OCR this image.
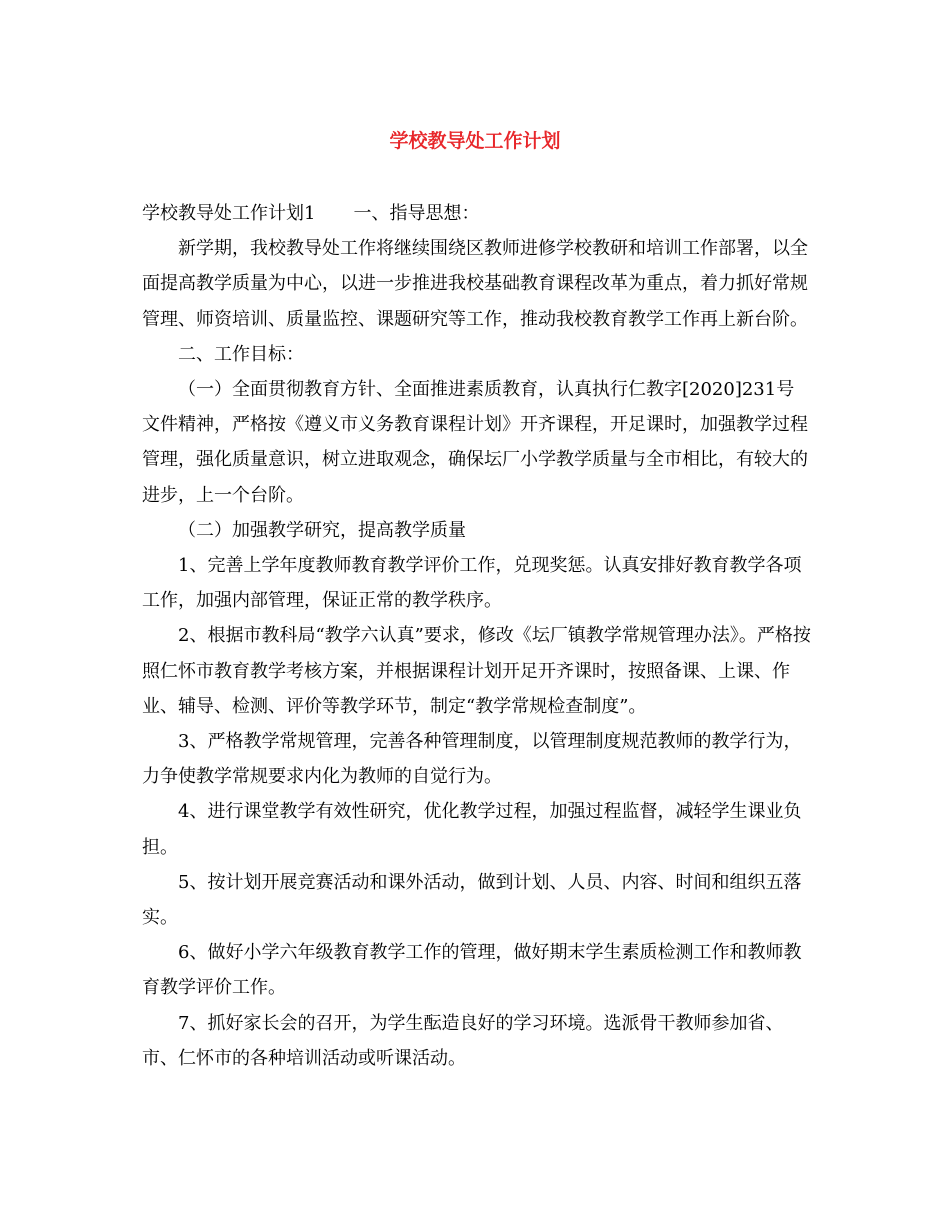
学校教导处工作计划

学校教导处工作计划1 一、指导思想：

新学期，我校教导处工作将继续围绕区教师进修学校教研和培训工作部署，以全面提高教学质量为中心，以进一步推进我校基础教育课程改革为重点，着力抓好常规管理、师资培训、质量监控、课题研究等工作，推动我校教育教学工作再上新台阶。

二、工作目标：

（一）全面贯彻教育方针、全面推进素质教育，认真执行仁教字[2020]231号文件精神，严格按《遵义市义务教育课程计划》开齐课程，开足课时，加强教学过程管理，强化质量意识，树立进取观念，确保坛厂小学教学质量与全市相比，有较大的进步，上一个台阶。

（二）加强教学研究，提高教学质量

1、完善上学年度教师教育教学评价工作，兑现奖惩。认真安排好教育教学各项工作，加强内部管理，保证正常的教学秩序。

2、根据市教科局“教学六认真”要求，修改《坛厂镇教学常规管理办法》。严格按照仁怀市教育教学考核方案，并根据课程计划开足开齐课时，按照备课、上课、作业、辅导、检测、评价等教学环节，制定“教学常规检查制度”。

3、严格教学常规管理，完善各种管理制度，以管理制度规范教师的教学行为，力争使教学常规要求内化为教师的自觉行为。

4、进行课堂教学有效性研究，优化教学过程，加强过程监督，减轻学生课业负担。

5、按计划开展竞赛活动和课外活动，做到计划、人员、内容、时间和组织五落实。

6、做好小学六年级教育教学工作的管理，做好期末学生素质检测工作和教师教育教学评价工作。

7、抓好家长会的召开，为学生酝造良好的学习环境。选派骨干教师参加省、市、仁怀市的各种培训活动或听课活动。
